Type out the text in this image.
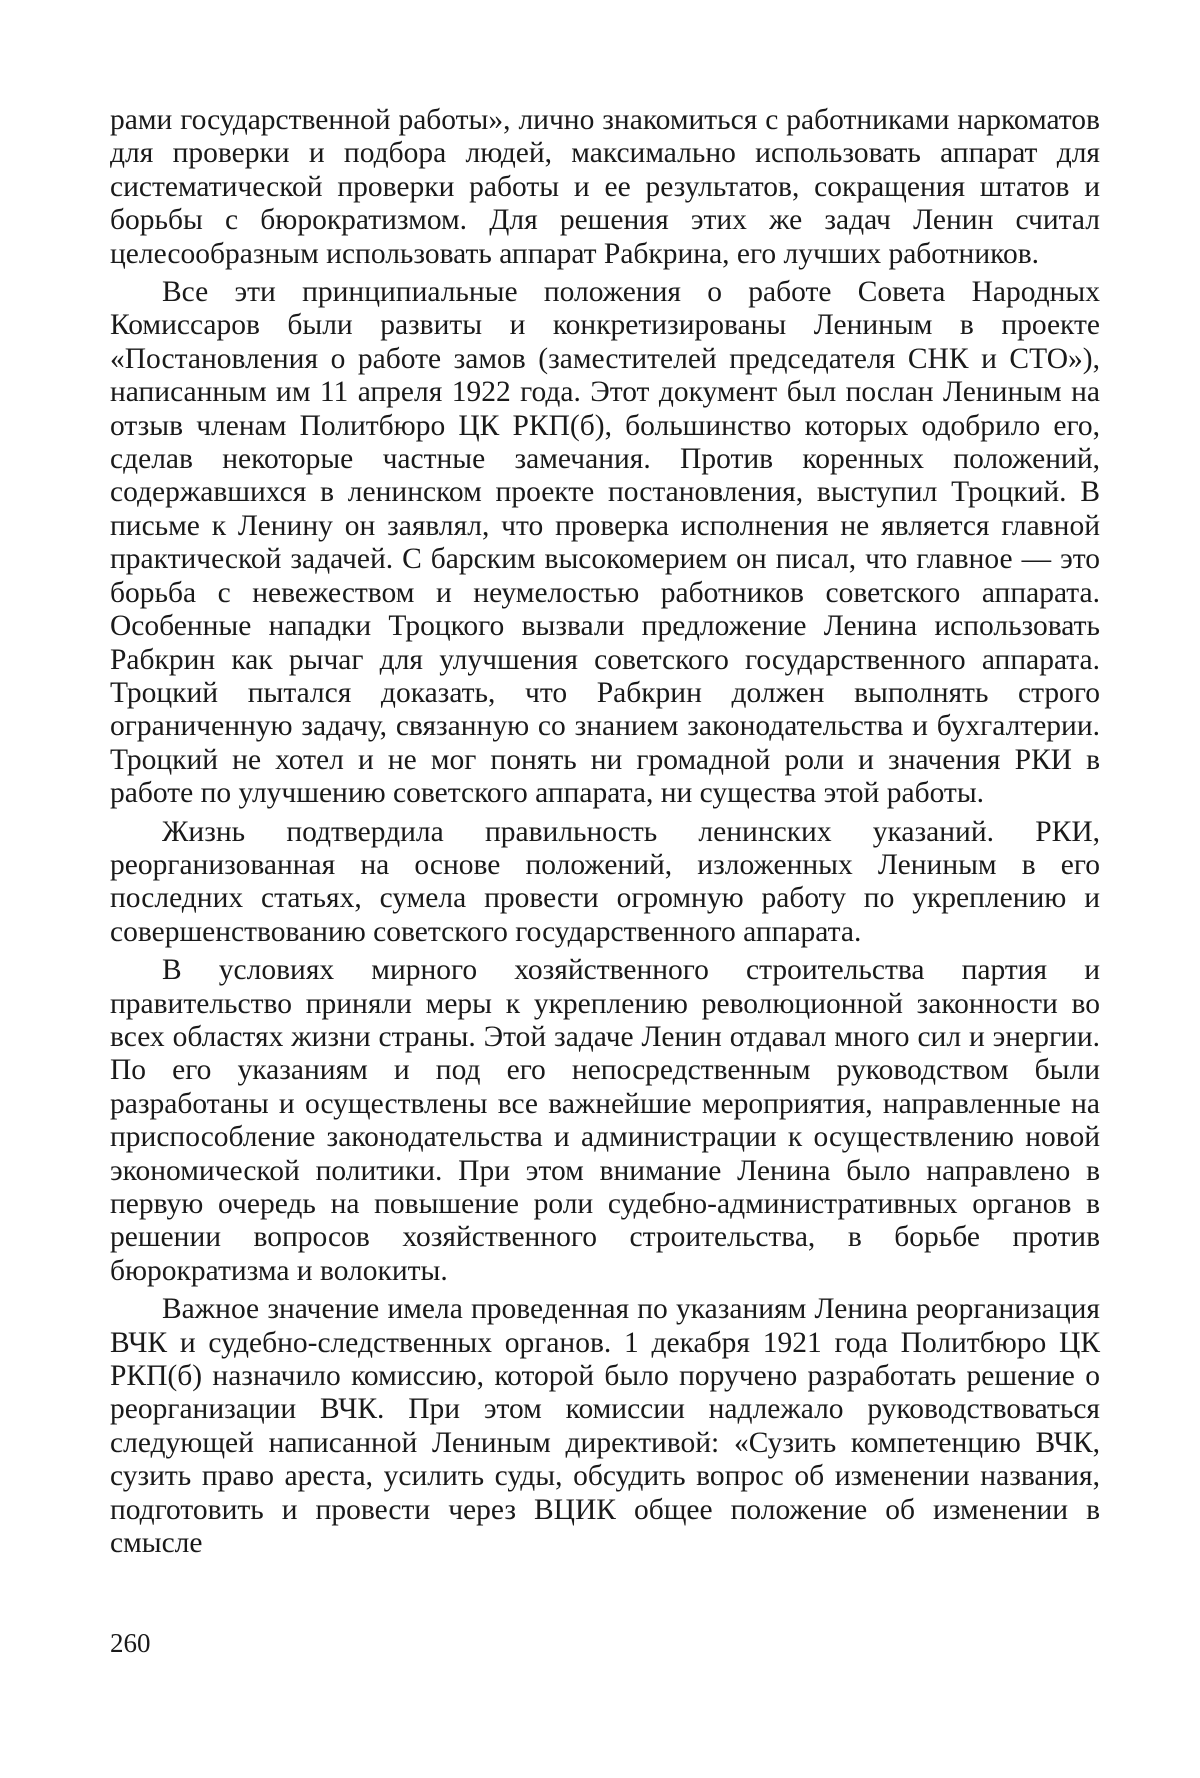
рами государственной работы», лично знакомиться с работниками наркоматов для проверки и подбора людей, максимально использовать аппарат для систематической проверки работы и ее результатов, сокращения штатов и борьбы с бюрократизмом. Для решения этих же задач Ленин считал целесообразным использовать аппарат Рабкрина, его лучших работников.

Все эти принципиальные положения о работе Совета Народных Комиссаров были развиты и конкретизированы Лениным в проекте «Постановления о работе замов (заместителей председателя СНК и СТО»), написанным им 11 апреля 1922 года. Этот документ был послан Лениным на отзыв членам Политбюро ЦК РКП(б), большинство которых одобрило его, сделав некоторые частные замечания. Против коренных положений, содержавшихся в ленинском проекте постановления, выступил Троцкий. В письме к Ленину он заявлял, что проверка исполнения не является главной практической задачей. С барским высокомерием он писал, что главное — это борьба с невежеством и неумелостью работников советского аппарата. Особенные нападки Троцкого вызвали предложение Ленина использовать Рабкрин как рычаг для улучшения советского государственного аппарата. Троцкий пытался доказать, что Рабкрин должен выполнять строго ограниченную задачу, связанную со знанием законодательства и бухгалтерии. Троцкий не хотел и не мог понять ни громадной роли и значения РКИ в работе по улучшению советского аппарата, ни существа этой работы.

Жизнь подтвердила правильность ленинских указаний. РКИ, реорганизованная на основе положений, изложенных Лениным в его последних статьях, сумела провести огромную работу по укреплению и совершенствованию советского государственного аппарата.

В условиях мирного хозяйственного строительства партия и правительство приняли меры к укреплению революционной законности во всех областях жизни страны. Этой задаче Ленин отдавал много сил и энергии. По его указаниям и под его непосредственным руководством были разработаны и осуществлены все важнейшие мероприятия, направленные на приспособление законодательства и администрации к осуществлению новой экономической политики. При этом внимание Ленина было направлено в первую очередь на повышение роли судебно-административных органов в решении вопросов хозяйственного строительства, в борьбе против бюрократизма и волокиты.

Важное значение имела проведенная по указаниям Ленина реорганизация ВЧК и судебно-следственных органов. 1 декабря 1921 года Политбюро ЦК РКП(б) назначило комиссию, которой было поручено разработать решение о реорганизации ВЧК. При этом комиссии надлежало руководствоваться следующей написанной Лениным директивой: «Сузить компетенцию ВЧК, сузить право ареста, усилить суды, обсудить вопрос об изменении названия, подготовить и провести через ВЦИК общее положение об изменении в смысле

260
